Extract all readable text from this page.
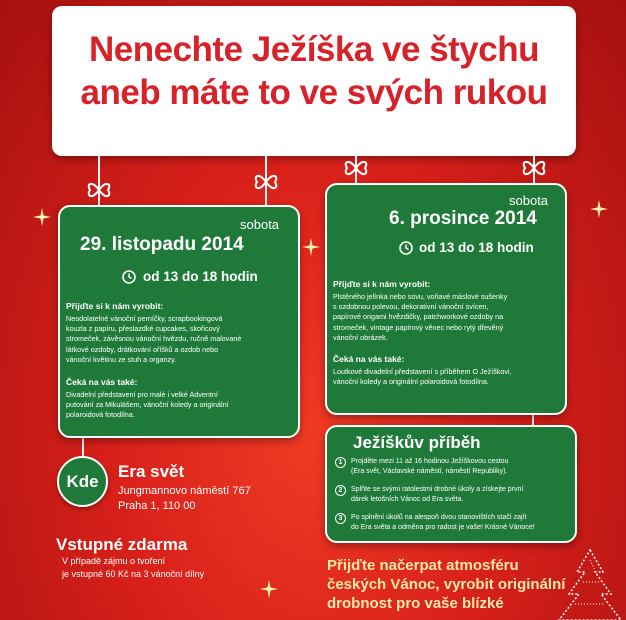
Nenechte Ježíška ve štychu
aneb máte to ve svých rukou
sobota
29. listopadu 2014
od 13 do 18 hodin
Přijďte si k nám vyrobit:
Neodolatelné vánoční perníčky, scrapbookingová
kouzla z papíru, přeslazdké cupcakes, skořicový
stromeček, závěsnou vánoční hvězdu, ručně malované
látkové ozdoby, drátkování oříšků a ozdob nebo
vánoční květinu ze stuh a organzy.
Čeká na vás také:
Divadelní představení pro malé i velké Adventní
putování za Mikulášem, vánoční koledy a originální
polaroidová fotodílna.
sobota
6. prosince 2014
od 13 do 18 hodin
Přijďte si k nám vyrobit:
Plstěného jelínka nebo sovu, voňavé máslové sušenky
s ozdobnou polevou, dekorativní vánoční svícen,
papírové origami hvězdičky, patchworkové ozdoby na
stromeček, vintage papírový věnec nebo rytý dřevěný
vánoční obrázek.
Čeká na vás také:
Loutkové divadelní představení s příběhem O Ježíškovi,
vánoční koledy a originální polaroidová fotodílna.
Ježíškův příběh
1	Projděte mezi 11 až 16 hodinou Ježíškovou cestou
(Era svět, Václavské náměstí, náměstí Republiky).
2	Splňte se svými ratolestmi drobné úkoly a získejte první
dárek letošních Vánoc od Era světa.
3	Po splnění úkolů na alespoň dvou stanovištích stačí zajít
do Era světa a odměna pro radost je vaše! Krásné Vánoce!
Kde
Era svět
Jungmannovo náměstí 767
Praha 1, 110 00
Vstupné zdarma
V případě zájmu o tvoření
je vstupné 60 Kč na 3 vánoční dílny	Přijďte načerpat atmosféru
českých Vánoc, vyrobit originální
drobnost pro vaše blízké
